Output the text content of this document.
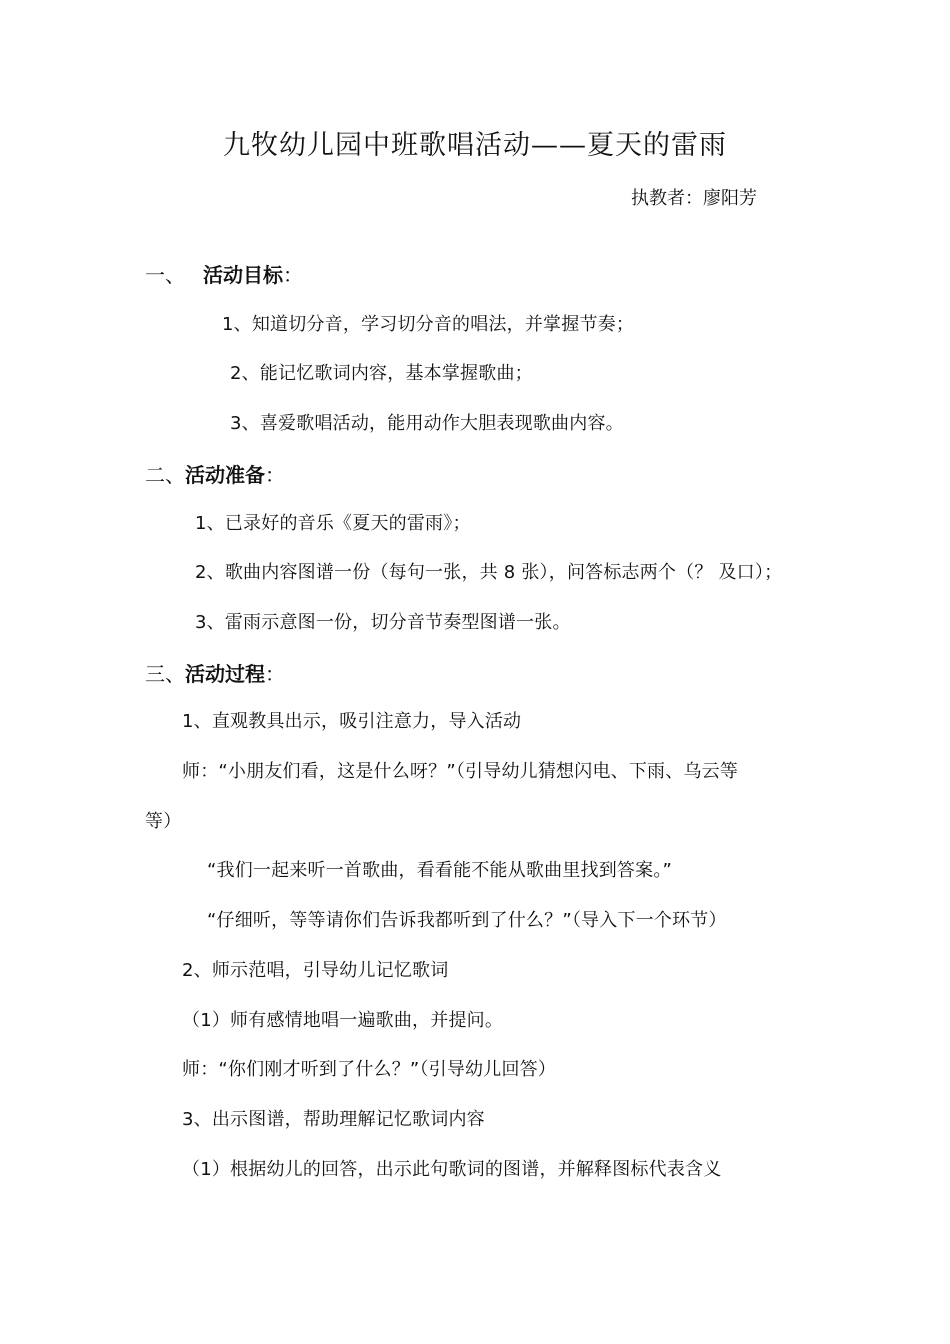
九牧幼儿园中班歌唱活动——夏天的雷雨
执教者：廖阳芳
一、 活动目标：
1、知道切分音，学习切分音的唱法，并掌握节奏；
2、能记忆歌词内容，基本掌握歌曲；
3、喜爱歌唱活动，能用动作大胆表现歌曲内容。
二、活动准备：
1、已录好的音乐《夏天的雷雨》；
2、歌曲内容图谱一份（每句一张，共 8 张），问答标志两个（？ 及口）；
3、雷雨示意图一份，切分音节奏型图谱一张。
三、活动过程：
1、直观教具出示，吸引注意力，导入活动
师：“小朋友们看，这是什么呀？”（引导幼儿猜想闪电、下雨、乌云等
等）
“我们一起来听一首歌曲，看看能不能从歌曲里找到答案。”
“仔细听，等等请你们告诉我都听到了什么？”（导入下一个环节）
2、师示范唱，引导幼儿记忆歌词
（1）师有感情地唱一遍歌曲，并提问。
师：“你们刚才听到了什么？”（引导幼儿回答）
3、出示图谱，帮助理解记忆歌词内容
（1）根据幼儿的回答，出示此句歌词的图谱，并解释图标代表含义
